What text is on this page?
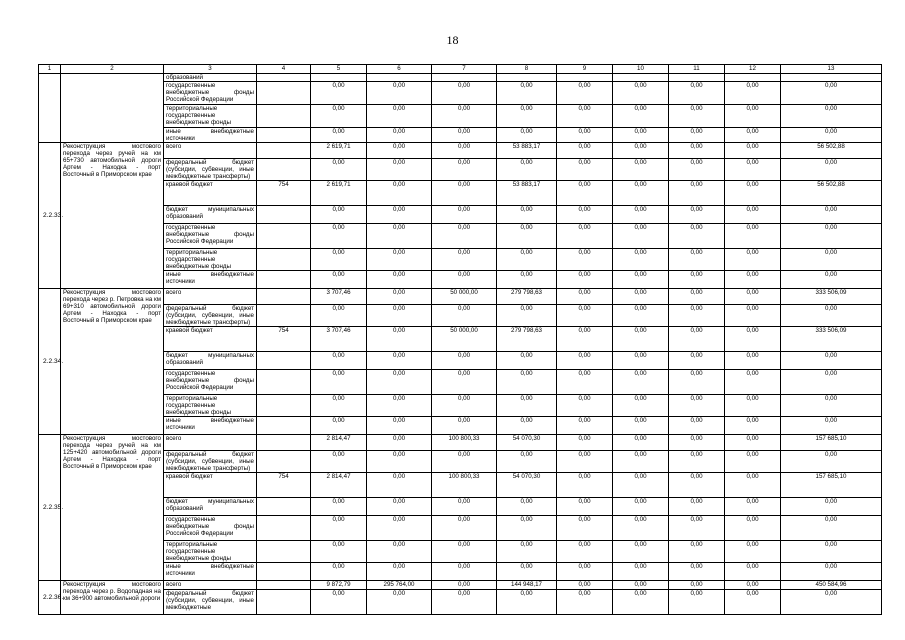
18
1	2	3	4	5	6	7	8	9	10	11	12	13
		образований										
		государственные внебюджетные фонды Российской Федерации		0,00	0,00	0,00	0,00	0,00	0,00	0,00	0,00	0,00
		территориальные государственные внебюджетные фонды		0,00	0,00	0,00	0,00	0,00	0,00	0,00	0,00	0,00
		иные внебюджетные источники		0,00	0,00	0,00	0,00	0,00	0,00	0,00	0,00	0,00
2.2.33.	Реконструкция мостового перехода через ручей на км 65+730 автомобильной дороги Артем - Находка - порт Восточный в Приморском крае	всего		2 619,71	0,00	0,00	53 883,17	0,00	0,00	0,00	0,00	56 502,88
		федеральный бюджет (субсидии, субвенции, иные межбюджетные трансферты)		0,00	0,00	0,00	0,00	0,00	0,00	0,00	0,00	0,00
		краевой бюджет	754	2 619,71	0,00	0,00	53 883,17	0,00	0,00	0,00	0,00	56 502,88
		бюджет муниципальных образований		0,00	0,00	0,00	0,00	0,00	0,00	0,00	0,00	0,00
		государственные внебюджетные фонды Российской Федерации		0,00	0,00	0,00	0,00	0,00	0,00	0,00	0,00	0,00
		территориальные государственные внебюджетные фонды		0,00	0,00	0,00	0,00	0,00	0,00	0,00	0,00	0,00
		иные внебюджетные источники		0,00	0,00	0,00	0,00	0,00	0,00	0,00	0,00	0,00
2.2.34.	Реконструкция мостового перехода через р. Петровка на км 69+310 автомобильной дороги Артем - Находка - порт Восточный в Приморском крае	всего		3 707,46	0,00	50 000,00	279 798,63	0,00	0,00	0,00	0,00	333 506,09
		федеральный бюджет (субсидии, субвенции, иные межбюджетные трансферты)		0,00	0,00	0,00	0,00	0,00	0,00	0,00	0,00	0,00
		краевой бюджет	754	3 707,46	0,00	50 000,00	279 798,63	0,00	0,00	0,00	0,00	333 506,09
		бюджет муниципальных образований		0,00	0,00	0,00	0,00	0,00	0,00	0,00	0,00	0,00
		государственные внебюджетные фонды Российской Федерации		0,00	0,00	0,00	0,00	0,00	0,00	0,00	0,00	0,00
		территориальные государственные внебюджетные фонды		0,00	0,00	0,00	0,00	0,00	0,00	0,00	0,00	0,00
		иные внебюджетные источники		0,00	0,00	0,00	0,00	0,00	0,00	0,00	0,00	0,00
2.2.35.	Реконструкция мостового перехода через ручей на км 125+420 автомобильной дороги Артем - Находка - порт Восточный в Приморском крае	всего		2 814,47	0,00	100 800,33	54 070,30	0,00	0,00	0,00	0,00	157 685,10
		федеральный бюджет (субсидии, субвенции, иные межбюджетные трансферты)		0,00	0,00	0,00	0,00	0,00	0,00	0,00	0,00	0,00
		краевой бюджет	754	2 814,47	0,00	100 800,33	54 070,30	0,00	0,00	0,00	0,00	157 685,10
		бюджет муниципальных образований		0,00	0,00	0,00	0,00	0,00	0,00	0,00	0,00	0,00
		государственные внебюджетные фонды Российской Федерации		0,00	0,00	0,00	0,00	0,00	0,00	0,00	0,00	0,00
		территориальные государственные внебюджетные фонды		0,00	0,00	0,00	0,00	0,00	0,00	0,00	0,00	0,00
		иные внебюджетные источники		0,00	0,00	0,00	0,00	0,00	0,00	0,00	0,00	0,00
2.2.36.	Реконструкция мостового перехода через р. Водопадная на км 36+900 автомобильной дороги	всего		9 872,79	295 764,00	0,00	144 948,17	0,00	0,00	0,00	0,00	450 584,96
		федеральный бюджет (субсидии, субвенции, иные межбюджетные		0,00	0,00	0,00	0,00	0,00	0,00	0,00	0,00	0,00
